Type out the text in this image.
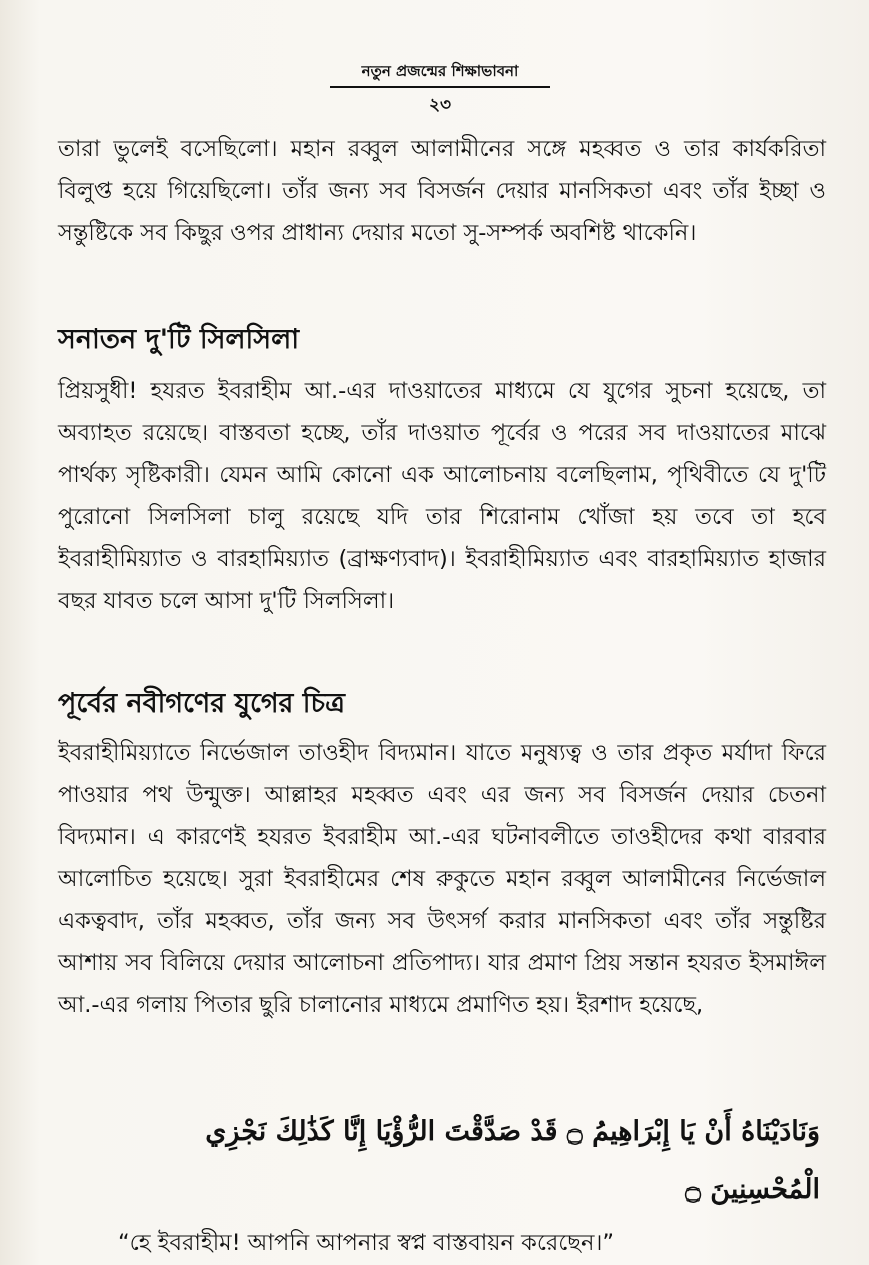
নতুন প্রজন্মের শিক্ষাভাবনা
২৩

তারা ভুলেই বসেছিলো। মহান রব্বুল আলামীনের সঙ্গে মহব্বত ও তার কার্যকরিতা বিলুপ্ত হয়ে গিয়েছিলো। তাঁর জন্য সব বিসর্জন দেয়ার মানসিকতা এবং তাঁর ইচ্ছা ও সন্তুষ্টিকে সব কিছুর ওপর প্রাধান্য দেয়ার মতো সু-সম্পর্ক অবশিষ্ট থাকেনি।

সনাতন দু'টি সিলসিলা

প্রিয়সুধী! হযরত ইবরাহীম আ.-এর দাওয়াতের মাধ্যমে যে যুগের সুচনা হয়েছে, তা অব্যাহত রয়েছে। বাস্তবতা হচ্ছে, তাঁর দাওয়াত পূর্বের ও পরের সব দাওয়াতের মাঝে পার্থক্য সৃষ্টিকারী। যেমন আমি কোনো এক আলোচনায় বলেছিলাম, পৃথিবীতে যে দু'টি পুরোনো সিলসিলা চালু রয়েছে যদি তার শিরোনাম খোঁজা হয় তবে তা হবে ইবরাহীমিয়্যাত ও বারহামিয়্যাত (ব্রাক্ষণ্যবাদ)। ইবরাহীমিয়্যাত এবং বারহামিয়্যাত হাজার বছর যাবত চলে আসা দু'টি সিলসিলা।

পূর্বের নবীগণের যুগের চিত্র

ইবরাহীমিয়্যাতে নির্ভেজাল তাওহীদ বিদ্যমান। যাতে মনুষ্যত্ব ও তার প্রকৃত মর্যাদা ফিরে পাওয়ার পথ উন্মুক্ত। আল্লাহর মহব্বত এবং এর জন্য সব বিসর্জন দেয়ার চেতনা বিদ্যমান। এ কারণেই হযরত ইবরাহীম আ.-এর ঘটনাবলীতে তাওহীদের কথা বারবার আলোচিত হয়েছে। সুরা ইবরাহীমের শেষ রুকুতে মহান রব্বুল আলামীনের নির্ভেজাল একত্ববাদ, তাঁর মহব্বত, তাঁর জন্য সব উৎসর্গ করার মানসিকতা এবং তাঁর সন্তুষ্টির আশায় সব বিলিয়ে দেয়ার আলোচনা প্রতিপাদ্য। যার প্রমাণ প্রিয় সন্তান হযরত ইসমাঈল আ.-এর গলায় পিতার ছুরি চালানোর মাধ্যমে প্রমাণিত হয়। ইরশাদ হয়েছে,

وَنَادَيْنَاهُ أَنْ يَا إِبْرَاهِيمُ ۝ قَدْ صَدَّقْتَ الرُّؤْيَا إِنَّا كَذَٰلِكَ نَجْزِي
الْمُحْسِنِينَ ۝
“হে ইবরাহীম! আপনি আপনার স্বপ্ন বাস্তবায়ন করেছেন।”
